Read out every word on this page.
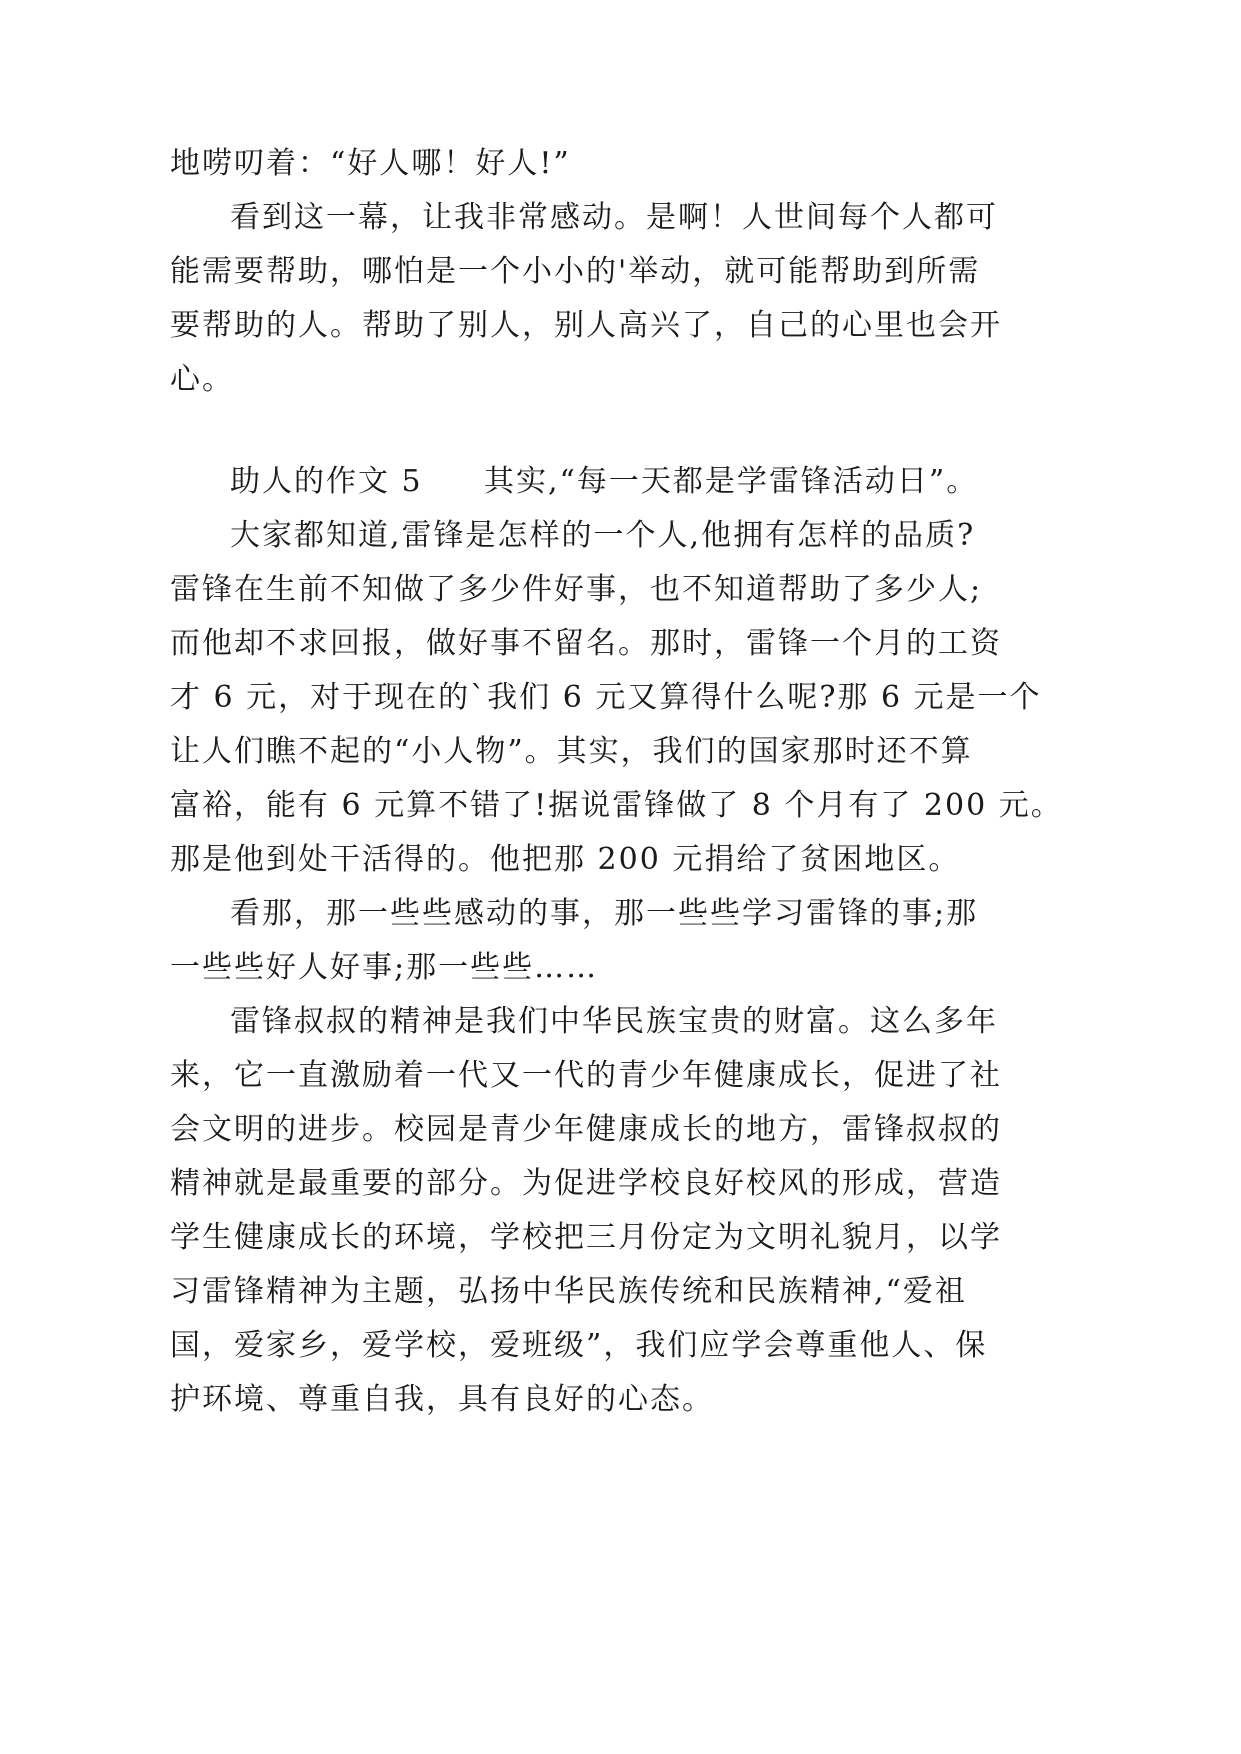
地唠叨着：“好人哪！好人!”
看到这一幕，让我非常感动。是啊！人世间每个人都可
能需要帮助，哪怕是一个小小的'举动，就可能帮助到所需
要帮助的人。帮助了别人，别人高兴了，自己的心里也会开
心。

助人的作文 5

其实,“每一天都是学雷锋活动日”。

大家都知道,雷锋是怎样的一个人,他拥有怎样的品质?
雷锋在生前不知做了多少件好事，也不知道帮助了多少人;
而他却不求回报，做好事不留名。那时，雷锋一个月的工资
才 6 元，对于现在的`我们 6 元又算得什么呢?那 6 元是一个
让人们瞧不起的“小人物”。其实，我们的国家那时还不算
富裕，能有 6 元算不错了!据说雷锋做了 8 个月有了 200 元。
那是他到处干活得的。他把那 200 元捐给了贫困地区。
看那，那一些些感动的事，那一些些学习雷锋的事;那
一些些好人好事;那一些些……
雷锋叔叔的精神是我们中华民族宝贵的财富。这么多年
来，它一直激励着一代又一代的青少年健康成长，促进了社
会文明的进步。校园是青少年健康成长的地方，雷锋叔叔的
精神就是最重要的部分。为促进学校良好校风的形成，营造
学生健康成长的环境，学校把三月份定为文明礼貌月，以学
习雷锋精神为主题，弘扬中华民族传统和民族精神,“爱祖
国，爱家乡，爱学校，爱班级”，我们应学会尊重他人、保
护环境、尊重自我，具有良好的心态。
